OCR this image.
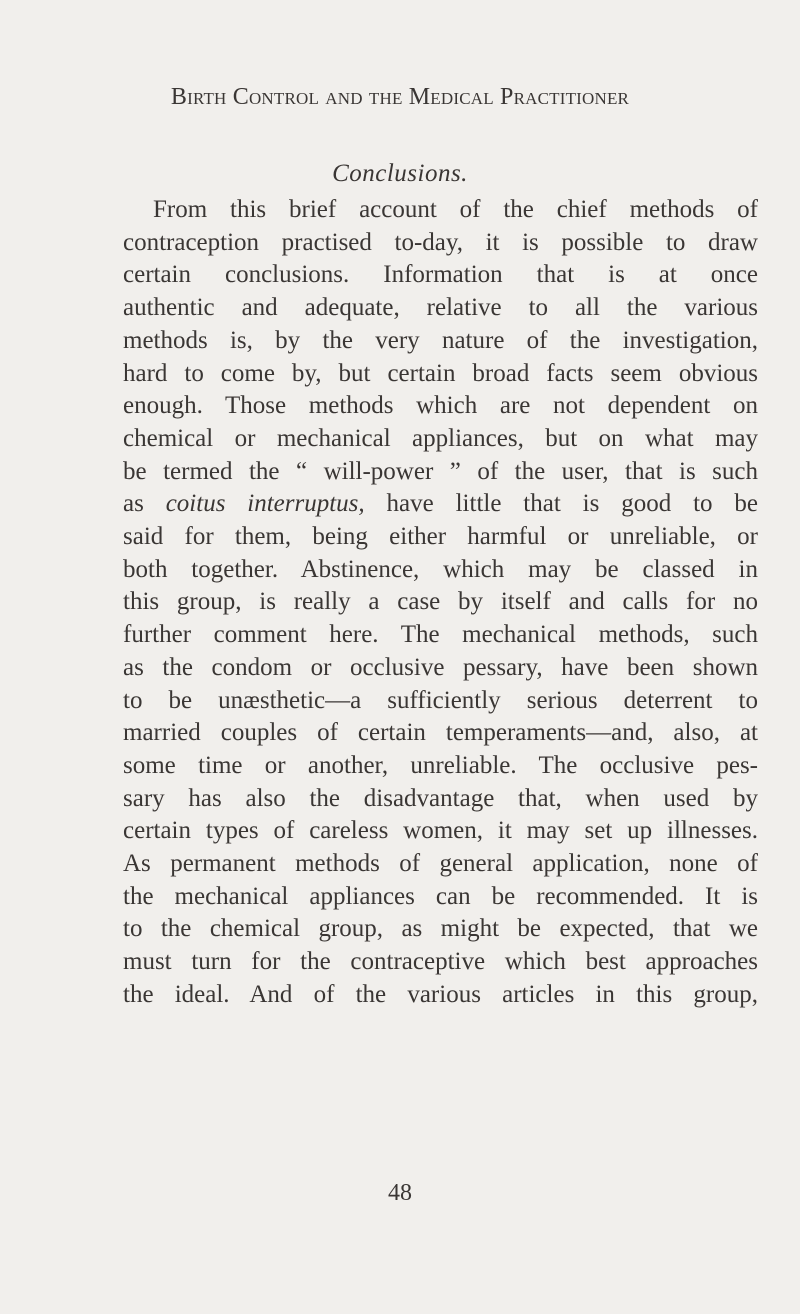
Birth Control and the Medical Practitioner
Conclusions.
From this brief account of the chief methods of
contraception practised to-day, it is possible to draw
certain conclusions. Information that is at once
authentic and adequate, relative to all the various
methods is, by the very nature of the investigation,
hard to come by, but certain broad facts seem obvious
enough. Those methods which are not dependent on
chemical or mechanical appliances, but on what may
be termed the “ will-power ” of the user, that is such
as coitus interruptus, have little that is good to be
said for them, being either harmful or unreliable, or
both together. Abstinence, which may be classed in
this group, is really a case by itself and calls for no
further comment here. The mechanical methods, such
as the condom or occlusive pessary, have been shown
to be unæsthetic—a sufficiently serious deterrent to
married couples of certain temperaments—and, also, at
some time or another, unreliable. The occlusive pes-
sary has also the disadvantage that, when used by
certain types of careless women, it may set up illnesses.
As permanent methods of general application, none of
the mechanical appliances can be recommended. It is
to the chemical group, as might be expected, that we
must turn for the contraceptive which best approaches
the ideal. And of the various articles in this group,
48
